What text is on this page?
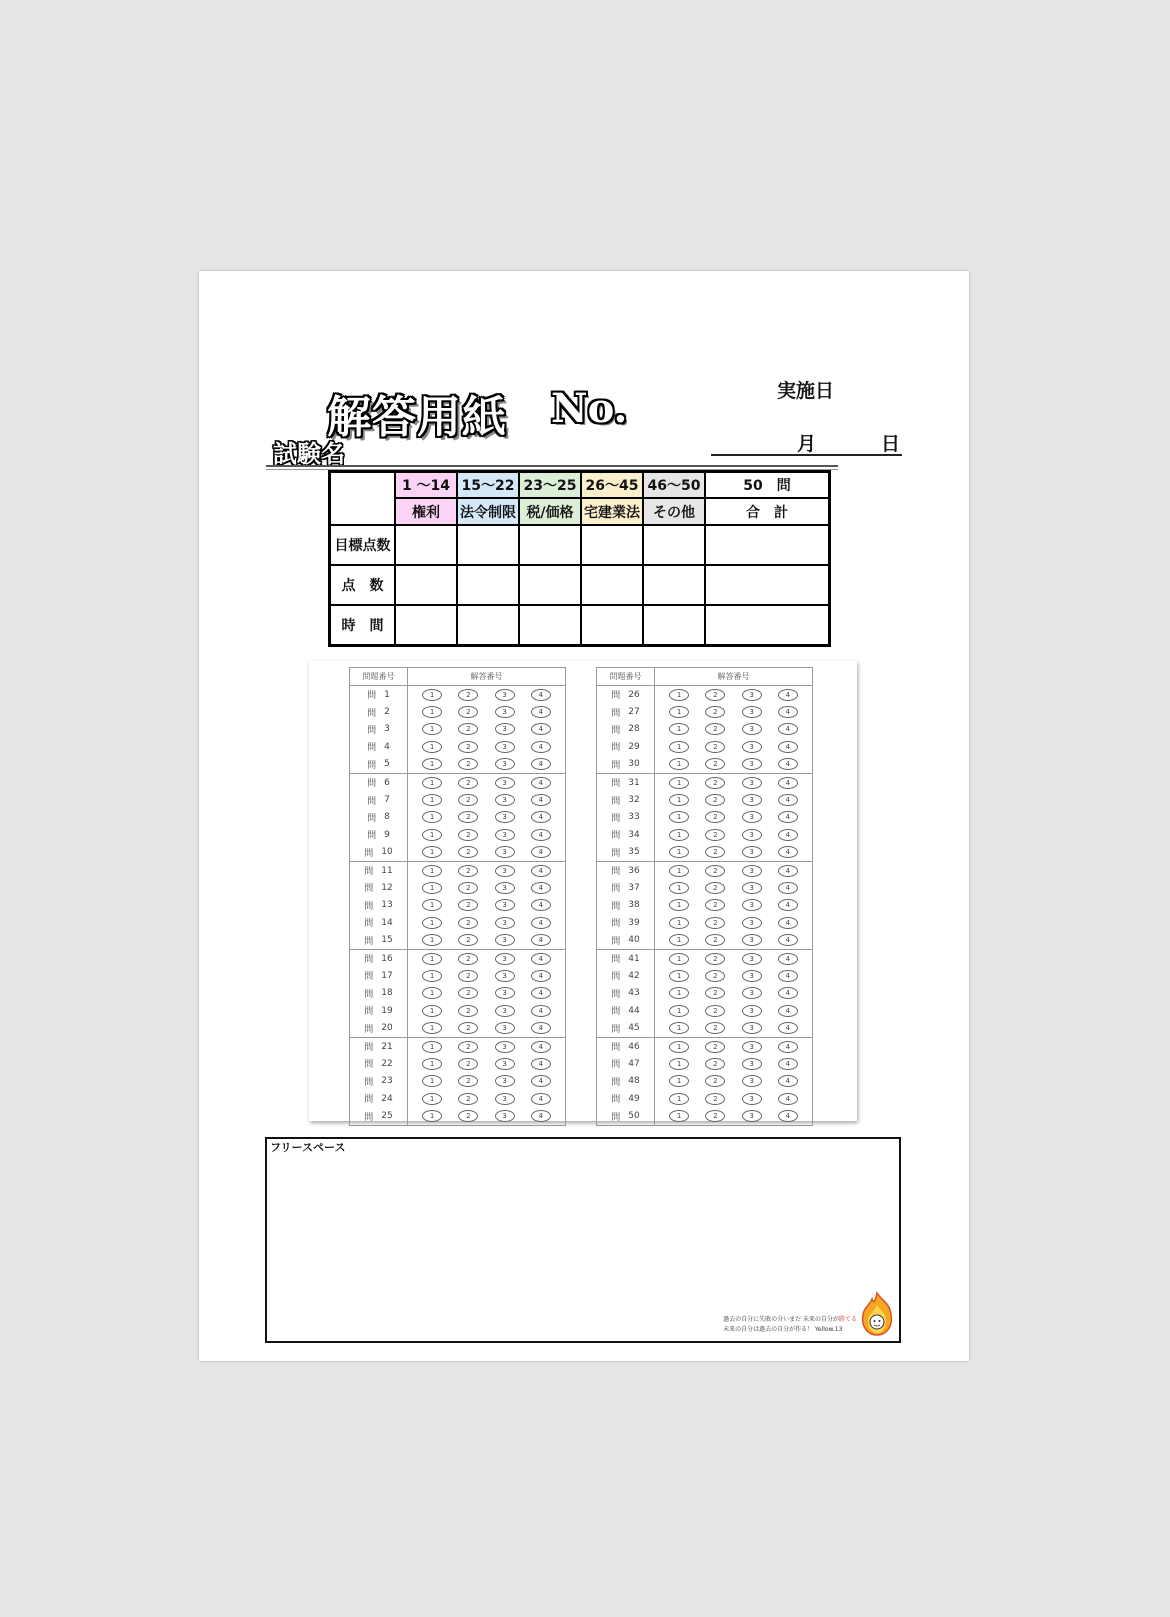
解答用紙 No.
試験名
実施日
月	日
	1 ～14	15～22	23～25	26～45	46～50	50　問
	権利	法令制限	税/価格	宅建業法	その他	合　計
目標点数						
点　数						
時　間						
問題番号	解答番号
問 1	1	2	3	4
問 2	1	2	3	4
問 3	1	2	3	4
問 4	1	2	3	4
問 5	1	2	3	4
問 6	1	2	3	4
問 7	1	2	3	4
問 8	1	2	3	4
問 9	1	2	3	4
問 10	1	2	3	4
問 11	1	2	3	4
問 12	1	2	3	4
問 13	1	2	3	4
問 14	1	2	3	4
問 15	1	2	3	4
問 16	1	2	3	4
問 17	1	2	3	4
問 18	1	2	3	4
問 19	1	2	3	4
問 20	1	2	3	4
問 21	1	2	3	4
問 22	1	2	3	4
問 23	1	2	3	4
問 24	1	2	3	4
問 25	1	2	3	4
問題番号	解答番号
問 26	1	2	3	4
問 27	1	2	3	4
問 28	1	2	3	4
問 29	1	2	3	4
問 30	1	2	3	4
問 31	1	2	3	4
問 32	1	2	3	4
問 33	1	2	3	4
問 34	1	2	3	4
問 35	1	2	3	4
問 36	1	2	3	4
問 37	1	2	3	4
問 38	1	2	3	4
問 39	1	2	3	4
問 40	1	2	3	4
問 41	1	2	3	4
問 42	1	2	3	4
問 43	1	2	3	4
問 44	1	2	3	4
問 45	1	2	3	4
問 46	1	2	3	4
問 47	1	2	3	4
問 48	1	2	3	4
問 49	1	2	3	4
問 50	1	2	3	4
フリースペース
過去の自分に失敗の分いまだ 未来の自分が勝てる
未来の自分は過去の自分が作る！ Yellow.13
